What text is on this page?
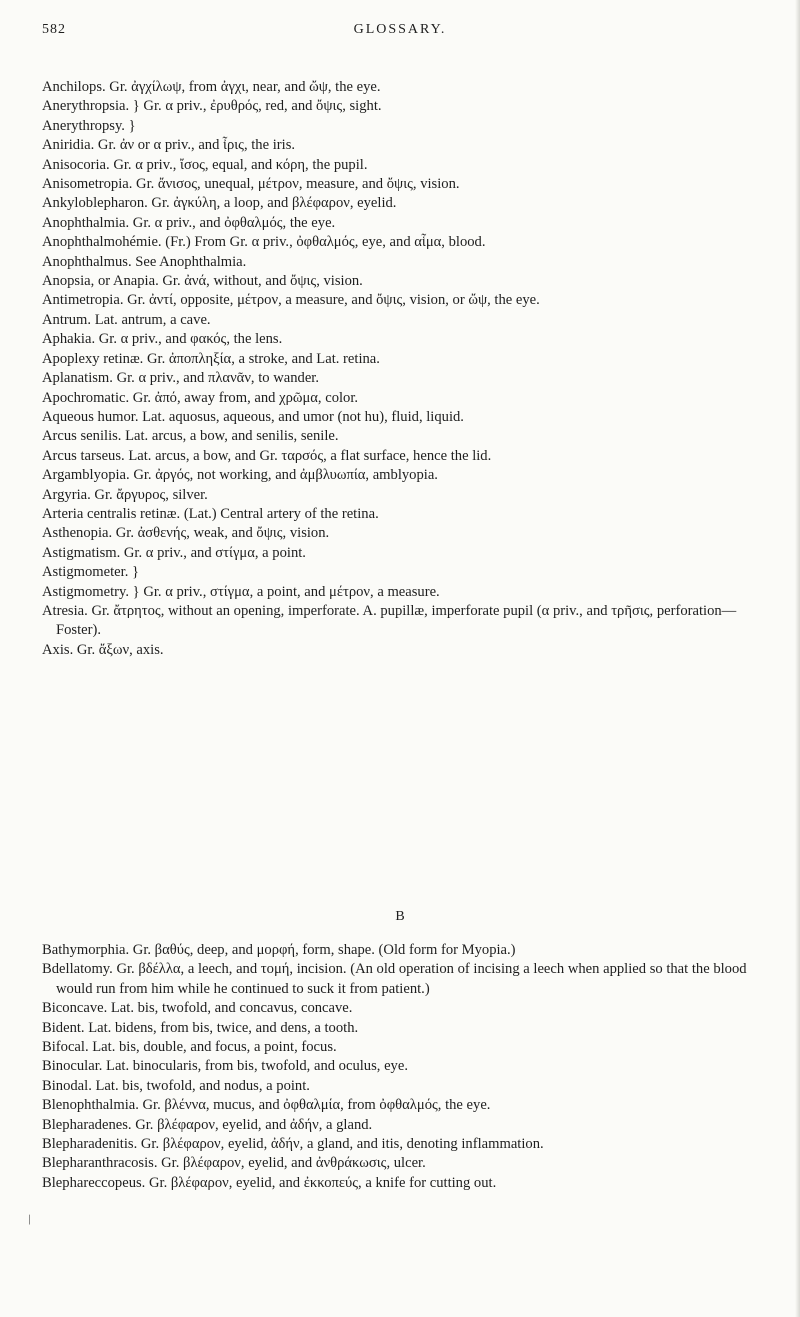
582	GLOSSARY.

Anchilops. Gr. ἀγχίλωψ, from ἀγχι, near, and ὤψ, the eye.

Anerythropsia. } Gr. α priv., ἐρυθρός, red, and ὄψις, sight.

Anerythropsy. }

Aniridia. Gr. ἀν or α priv., and ἶρις, the iris.

Anisocoria. Gr. α priv., ἴσος, equal, and κόρη, the pupil.

Anisometropia. Gr. ἄνισος, unequal, μέτρον, measure, and ὄψις, vision.

Ankyloblepharon. Gr. ἀγκύλη, a loop, and βλέφαρον, eyelid.

Anophthalmia. Gr. α priv., and ὀφθαλμός, the eye.

Anophthalmohémie. (Fr.) From Gr. α priv., ὀφθαλμός, eye, and αἷμα, blood.

Anophthalmus. See Anophthalmia.

Anopsia, or Anapia. Gr. ἀνά, without, and ὄψις, vision.

Antimetropia. Gr. ἀντί, opposite, μέτρον, a measure, and ὄψις, vision, or ὤψ, the eye.

Antrum. Lat. antrum, a cave.

Aphakia. Gr. α priv., and φακός, the lens.

Apoplexy retinæ. Gr. ἀποπληξία, a stroke, and Lat. retina.

Aplanatism. Gr. α priv., and πλανᾶν, to wander.

Apochromatic. Gr. ἀπό, away from, and χρῶμα, color.

Aqueous humor. Lat. aquosus, aqueous, and umor (not hu), fluid, liquid.

Arcus senilis. Lat. arcus, a bow, and senilis, senile.

Arcus tarseus. Lat. arcus, a bow, and Gr. ταρσός, a flat surface, hence the lid.

Argamblyopia. Gr. ἀργός, not working, and ἀμβλυωπία, amblyopia.

Argyria. Gr. ἄργυρος, silver.

Arteria centralis retinæ. (Lat.) Central artery of the retina.

Asthenopia. Gr. ἀσθενής, weak, and ὄψις, vision.

Astigmatism. Gr. α priv., and στίγμα, a point.

Astigmometer. }

Astigmometry. } Gr. α priv., στίγμα, a point, and μέτρον, a measure.

Atresia. Gr. ἄτρητος, without an opening, imperforate. A. pupillæ, imperforate pupil (α priv., and τρῆσις, perforation—Foster).

Axis. Gr. ἄξων, axis.

B

Bathymorphia. Gr. βαθύς, deep, and μορφή, form, shape. (Old form for Myopia.)

Bdellatomy. Gr. βδέλλα, a leech, and τομή, incision. (An old operation of incising a leech when applied so that the blood would run from him while he continued to suck it from patient.)

Biconcave. Lat. bis, twofold, and concavus, concave.

Bident. Lat. bidens, from bis, twice, and dens, a tooth.

Bifocal. Lat. bis, double, and focus, a point, focus.

Binocular. Lat. binocularis, from bis, twofold, and oculus, eye.

Binodal. Lat. bis, twofold, and nodus, a point.

Blenophthalmia. Gr. βλέννα, mucus, and ὀφθαλμία, from ὀφθαλμός, the eye.

Blepharadenes. Gr. βλέφαρον, eyelid, and ἀδήν, a gland.

Blepharadenitis. Gr. βλέφαρον, eyelid, ἀδήν, a gland, and itis, denoting inflammation.

Blepharanthracosis. Gr. βλέφαρον, eyelid, and ἀνθράκωσις, ulcer.

Blephareccopeus. Gr. βλέφαρον, eyelid, and ἐκκοπεύς, a knife for cutting out.

/
